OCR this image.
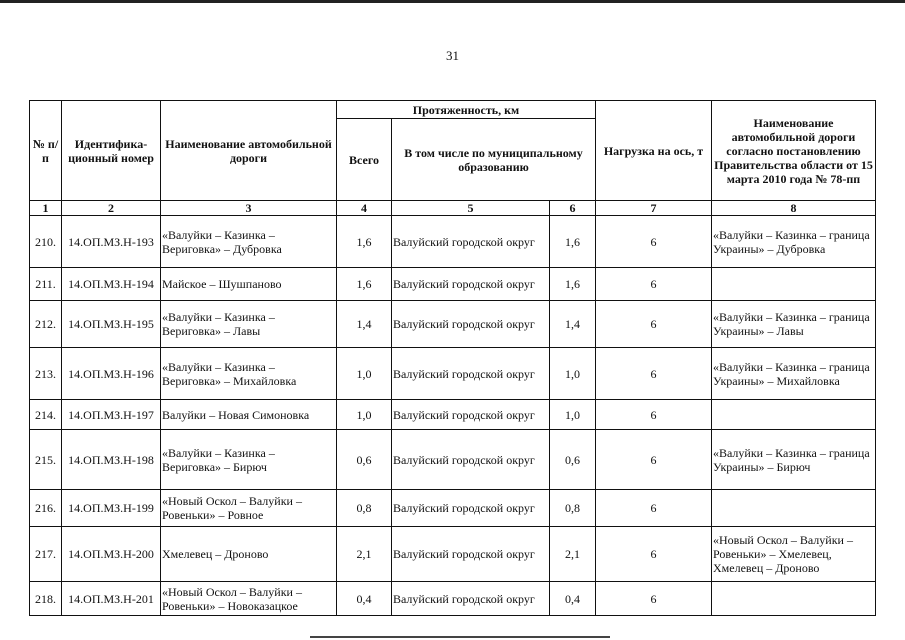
31
№ п/п	Идентифика-ционный номер	Наименование автомобильной дороги	Протяженность, км			Нагрузка на ось, т	Наименование автомобильной дороги согласно постановлению Правительства области от 15 марта 2010 года № 78-пп
			Всего	В том числе по муниципальному образованию			
1	2	3	4	5	6	7	8
210.	14.ОП.МЗ.Н-193	«Валуйки – Казинка – Вериговка» – Дубровка	1,6	Валуйский городской округ	1,6	6	«Валуйки – Казинка – граница Украины» – Дубровка
211.	14.ОП.МЗ.Н-194	Майское – Шушпаново	1,6	Валуйский городской округ	1,6	6	
212.	14.ОП.МЗ.Н-195	«Валуйки – Казинка – Вериговка» – Лавы	1,4	Валуйский городской округ	1,4	6	«Валуйки – Казинка – граница Украины» – Лавы
213.	14.ОП.МЗ.Н-196	«Валуйки – Казинка – Вериговка» – Михайловка	1,0	Валуйский городской округ	1,0	6	«Валуйки – Казинка – граница Украины» – Михайловка
214.	14.ОП.МЗ.Н-197	Валуйки – Новая Симоновка	1,0	Валуйский городской округ	1,0	6	
215.	14.ОП.МЗ.Н-198	«Валуйки – Казинка – Вериговка» – Бирюч	0,6	Валуйский городской округ	0,6	6	«Валуйки – Казинка – граница Украины» – Бирюч
216.	14.ОП.МЗ.Н-199	«Новый Оскол – Валуйки – Ровеньки» – Ровное	0,8	Валуйский городской округ	0,8	6	
217.	14.ОП.МЗ.Н-200	Хмелевец – Дроново	2,1	Валуйский городской округ	2,1	6	«Новый Оскол – Валуйки – Ровеньки» – Хмелевец, Хмелевец – Дроново
218.	14.ОП.МЗ.Н-201	«Новый Оскол – Валуйки – Ровеньки» – Новоказацкое	0,4	Валуйский городской округ	0,4	6	
